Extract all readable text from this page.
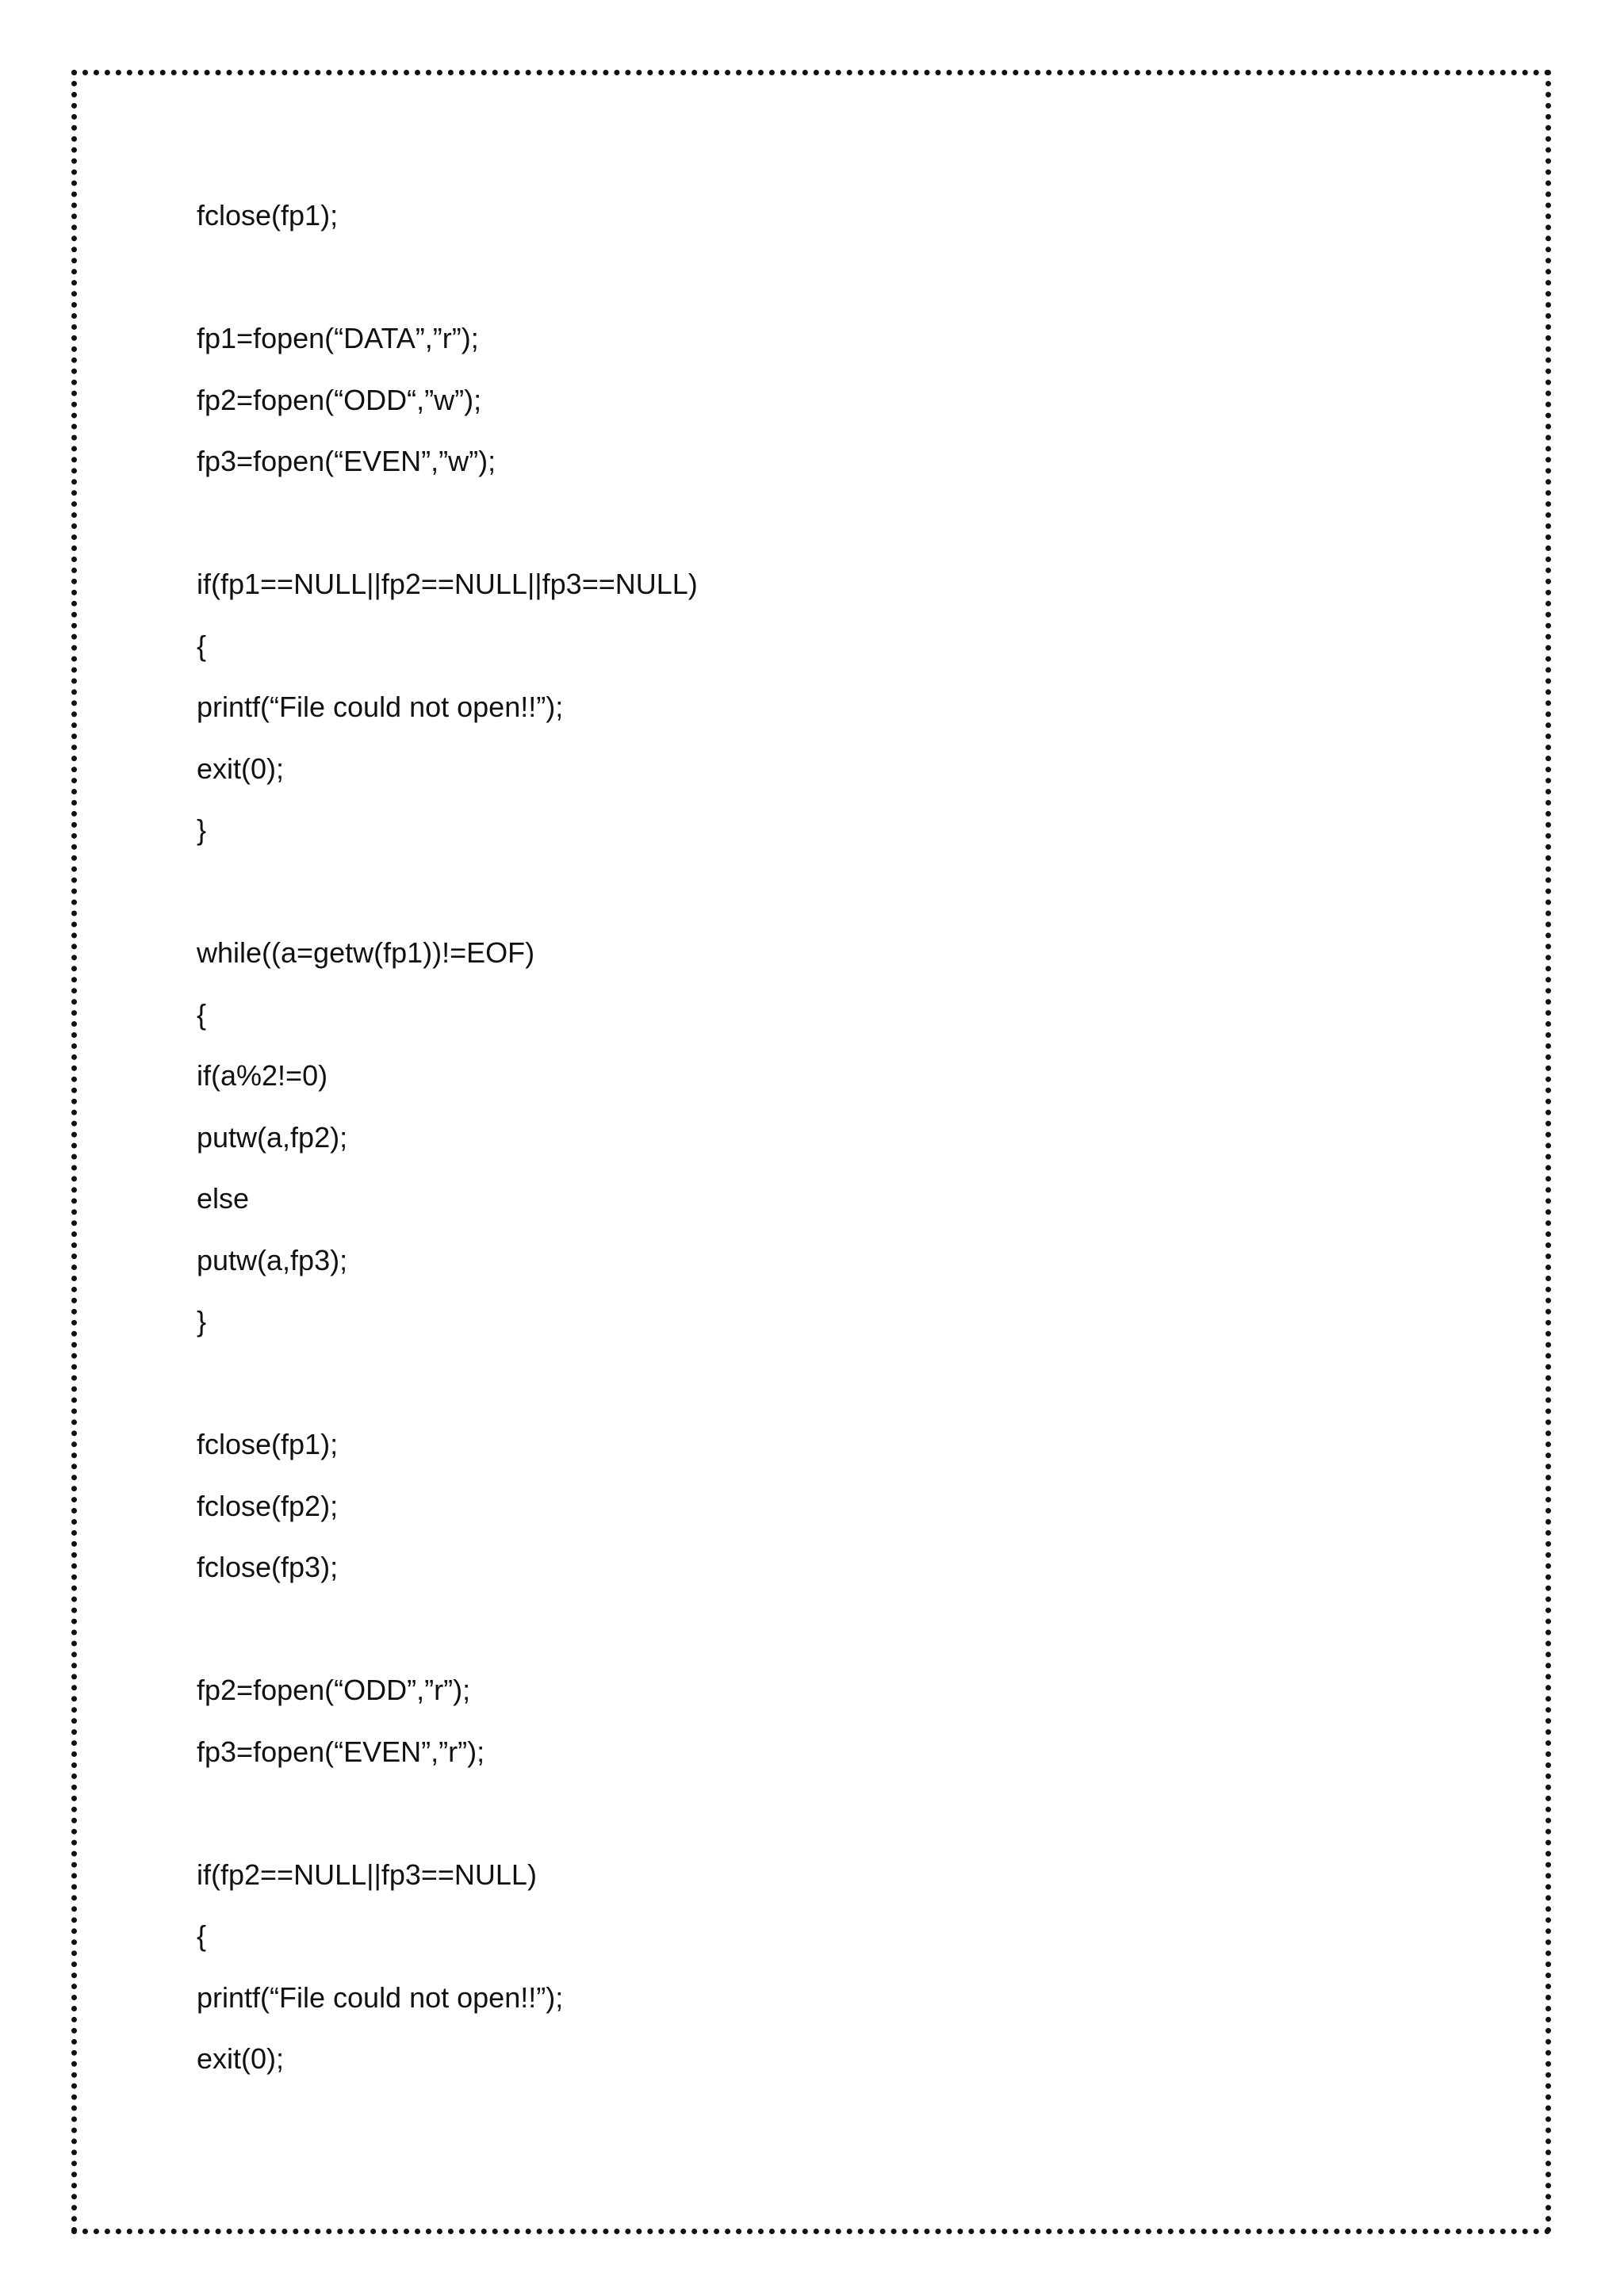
fclose(fp1);
fp1=fopen(“DATA”,”r”);
fp2=fopen(“ODD“,”w”);
fp3=fopen(“EVEN”,”w”);
if(fp1==NULL||fp2==NULL||fp3==NULL)
{
printf(“File could not open!!”);
exit(0);
}
while((a=getw(fp1))!=EOF)
{
if(a%2!=0)
putw(a,fp2);
else
putw(a,fp3);
}
fclose(fp1);
fclose(fp2);
fclose(fp3);
fp2=fopen(“ODD”,”r”);
fp3=fopen(“EVEN”,”r”);
if(fp2==NULL||fp3==NULL)
{
printf(“File could not open!!”);
exit(0);
